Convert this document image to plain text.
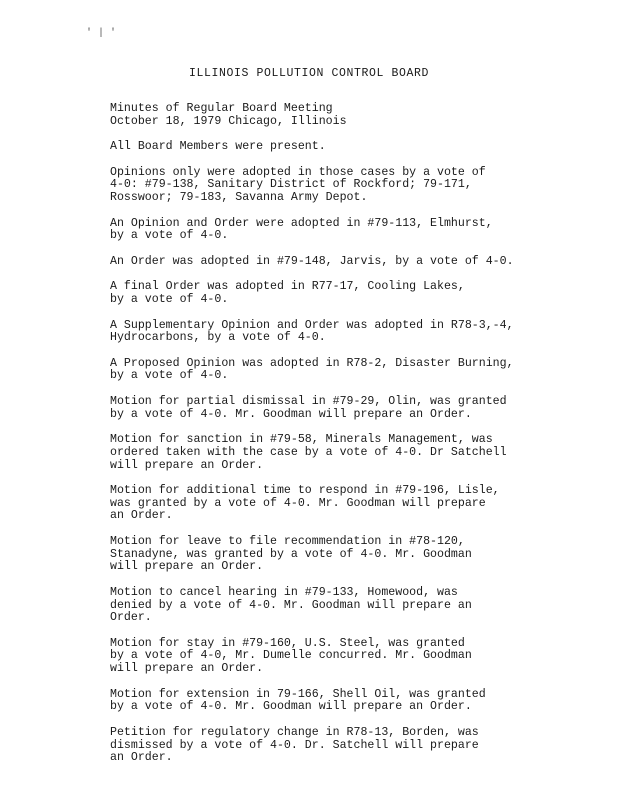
' | '
ILLINOIS POLLUTION CONTROL BOARD
Minutes of Regular Board Meeting
October 18, 1979 Chicago, Illinois
All Board Members were present.
Opinions only were adopted in those cases by a vote of
4-0: #79-138, Sanitary District of Rockford; 79-171,
Rosswoor; 79-183, Savanna Army Depot.
An Opinion and Order were adopted in #79-113, Elmhurst,
by a vote of 4-0.
An Order was adopted in #79-148, Jarvis, by a vote of 4-0.
A final Order was adopted in R77-17, Cooling Lakes,
by a vote of 4-0.
A Supplementary Opinion and Order was adopted in R78-3,-4,
Hydrocarbons, by a vote of 4-0.
A Proposed Opinion was adopted in R78-2, Disaster Burning,
by a vote of 4-0.
Motion for partial dismissal in #79-29, Olin, was granted
by a vote of 4-0. Mr. Goodman will prepare an Order.
Motion for sanction in #79-58, Minerals Management, was
ordered taken with the case by a vote of 4-0. Dr Satchell
will prepare an Order.
Motion for additional time to respond in #79-196, Lisle,
was granted by a vote of 4-0. Mr. Goodman will prepare
an Order.
Motion for leave to file recommendation in #78-120,
Stanadyne, was granted by a vote of 4-0. Mr. Goodman
will prepare an Order.
Motion to cancel hearing in #79-133, Homewood, was
denied by a vote of 4-0. Mr. Goodman will prepare an
Order.
Motion for stay in #79-160, U.S. Steel, was granted
by a vote of 4-0, Mr. Dumelle concurred. Mr. Goodman
will prepare an Order.
Motion for extension in 79-166, Shell Oil, was granted
by a vote of 4-0. Mr. Goodman will prepare an Order.
Petition for regulatory change in R78-13, Borden, was
dismissed by a vote of 4-0. Dr. Satchell will prepare
an Order.
